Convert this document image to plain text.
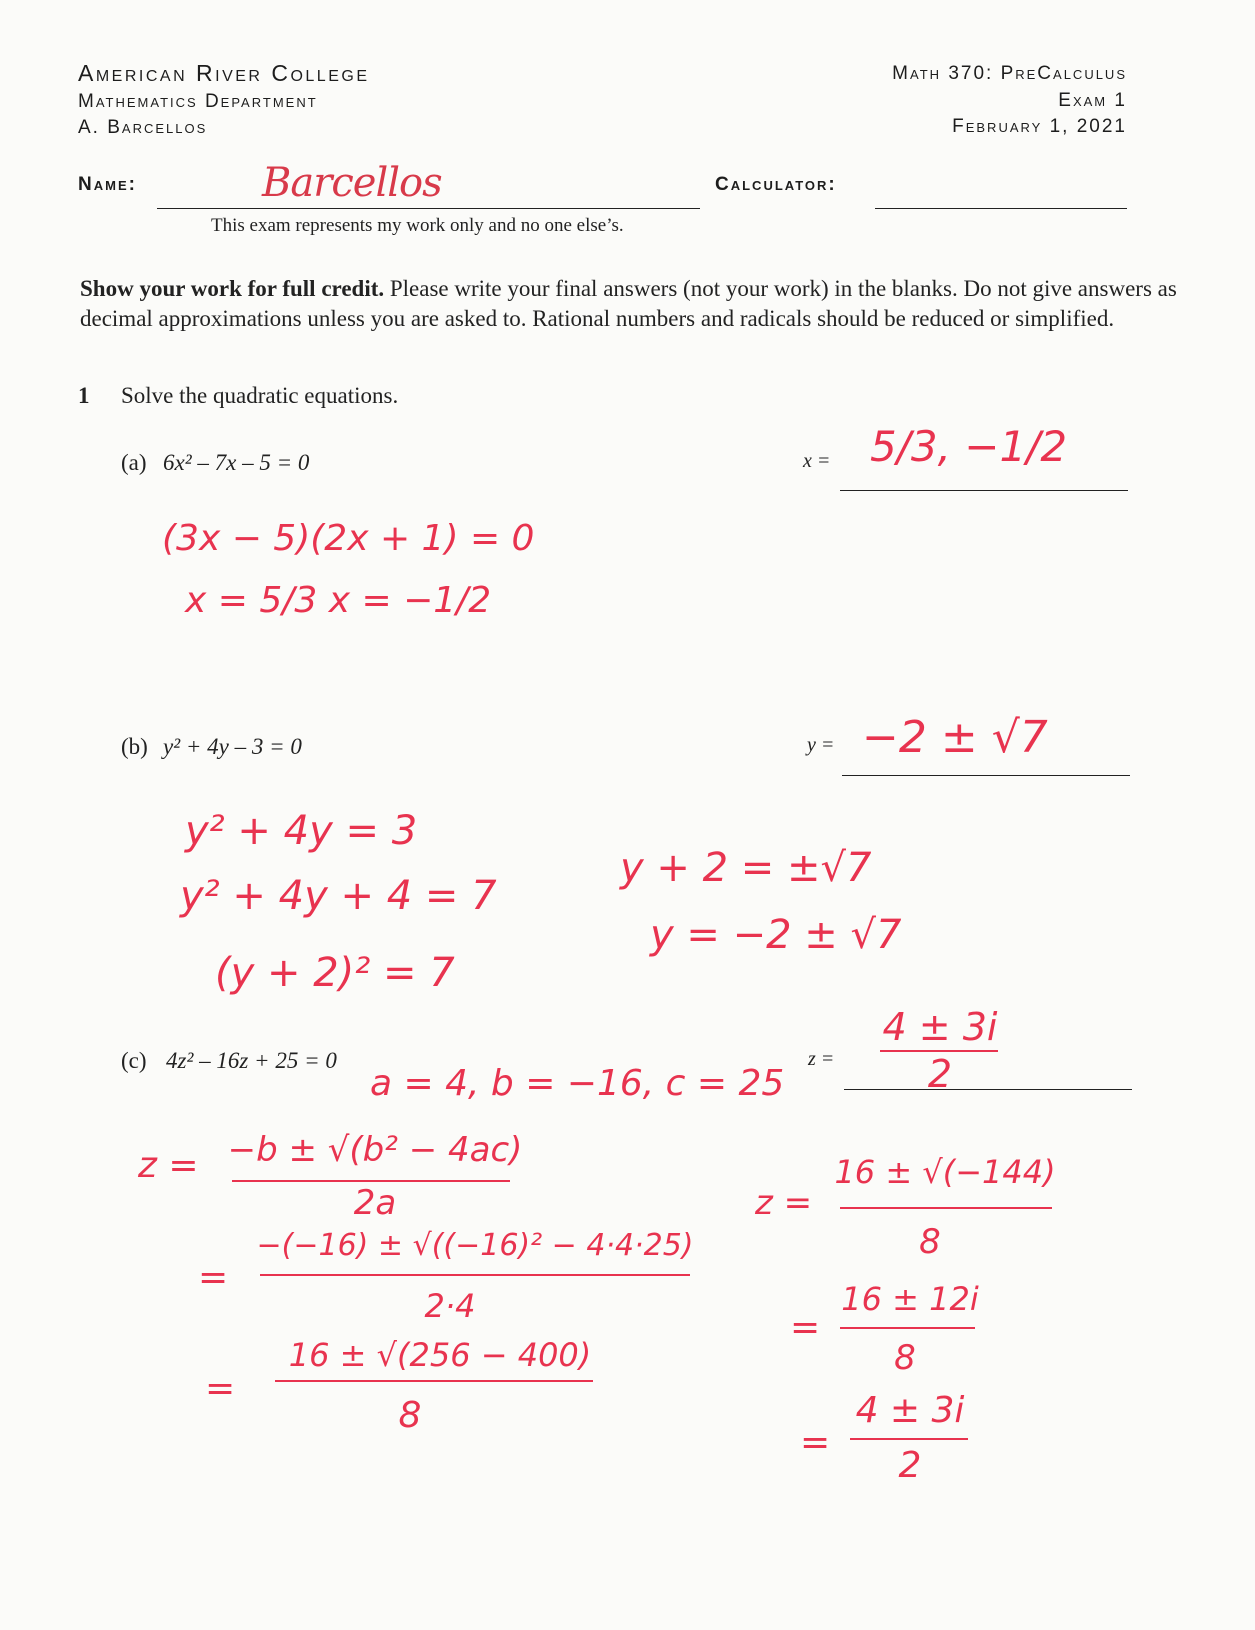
American River College
Mathematics Department
A. Barcellos
Math 370: PreCalculus
Exam 1
February 1, 2021
Name:	Barcellos
This exam represents my work only and no one else’s.
Calculator:
Show your work for full credit. Please write your final answers (not your work) in the blanks. Do not give answers as decimal approximations unless you are asked to. Rational numbers and radicals should be reduced or simplified.
1 Solve the quadratic equations.
(a) 6x² – 7x – 5 = 0	x = 5/3, −1/2
(3x − 5)(2x + 1) = 0
x = 5/3 x = −1/2
(b) y² + 4y – 3 = 0	y = −2 ± √7
y² + 4y = 3
y² + 4y + 4 = 7
(y + 2)² = 7
y + 2 = ±√7
y = −2 ± √7
(c) 4z² – 16z + 25 = 0	z =
4 ± 3i
2
a = 4, b = −16, c = 25
z = −b ± √(b² − 4ac)
2a
=
−(−16) ± √((−16)² − 4·4·25)
2·4
=
16 ± √(256 − 400)
8
z =
16 ± √(−144)
8
=
16 ± 12i
8
=
4 ± 3i
2
